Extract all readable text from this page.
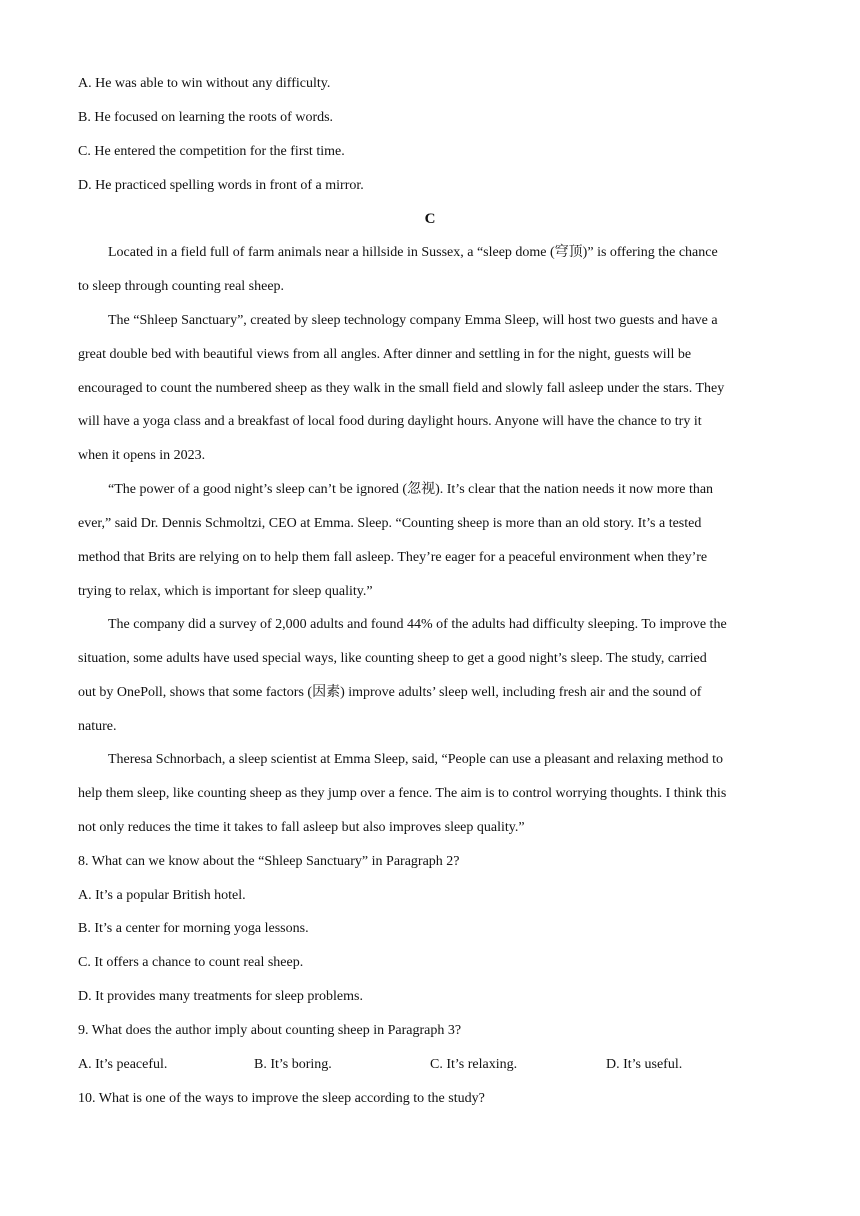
A. He was able to win without any difficulty.
B. He focused on learning the roots of words.
C. He entered the competition for the first time.
D. He practiced spelling words in front of a mirror.
C
Located in a field full of farm animals near a hillside in Sussex, a “sleep dome (穹顶)” is offering the chance
to sleep through counting real sheep.
The “Shleep Sanctuary”, created by sleep technology company Emma Sleep, will host two guests and have a
great double bed with beautiful views from all angles. After dinner and settling in for the night, guests will be
encouraged to count the numbered sheep as they walk in the small field and slowly fall asleep under the stars. They
will have a yoga class and a breakfast of local food during daylight hours. Anyone will have the chance to try it
when it opens in 2023.
“The power of a good night’s sleep can’t be ignored (忽视). It’s clear that the nation needs it now more than
ever,” said Dr. Dennis Schmoltzi, CEO at Emma. Sleep. “Counting sheep is more than an old story. It’s a tested
method that Brits are relying on to help them fall asleep. They’re eager for a peaceful environment when they’re
trying to relax, which is important for sleep quality.”
The company did a survey of 2,000 adults and found 44% of the adults had difficulty sleeping. To improve the
situation, some adults have used special ways, like counting sheep to get a good night’s sleep. The study, carried
out by OnePoll, shows that some factors (因素) improve adults’ sleep well, including fresh air and the sound of
nature.
Theresa Schnorbach, a sleep scientist at Emma Sleep, said, “People can use a pleasant and relaxing method to
help them sleep, like counting sheep as they jump over a fence. The aim is to control worrying thoughts. I think this
not only reduces the time it takes to fall asleep but also improves sleep quality.”
8. What can we know about the “Shleep Sanctuary” in Paragraph 2?
A. It’s a popular British hotel.
B. It’s a center for morning yoga lessons.
C. It offers a chance to count real sheep.
D. It provides many treatments for sleep problems.
9. What does the author imply about counting sheep in Paragraph 3?
A. It’s peaceful.	B. It’s boring.	C. It’s relaxing.	D. It’s useful.
10. What is one of the ways to improve the sleep according to the study?
